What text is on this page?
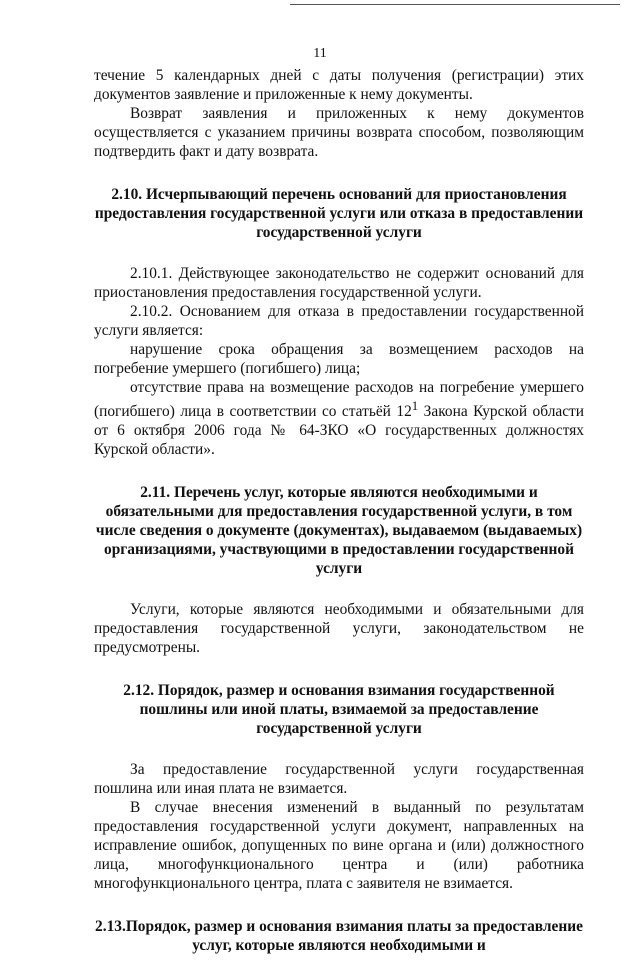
11

течение 5 календарных дней с даты получения (регистрации) этих документов заявление и приложенные к нему документы.

Возврат заявления и приложенных к нему документов осуществляется с указанием причины возврата способом, позволяющим подтвердить факт и дату возврата.

2.10. Исчерпывающий перечень оснований для приостановления предоставления государственной услуги или отказа в предоставлении государственной услуги

2.10.1. Действующее законодательство не содержит оснований для приостановления предоставления государственной услуги.

2.10.2. Основанием для отказа в предоставлении государственной услуги является:

нарушение срока обращения за возмещением расходов на погребение умершего (погибшего) лица;

отсутствие права на возмещение расходов на погребение умершего (погибшего) лица в соответствии со статьёй $12^1$ Закона Курской области от 6 октября 2006 года № 64-ЗКО «О государственных должностях Курской области».

2.11. Перечень услуг, которые являются необходимыми и обязательными для предоставления государственной услуги, в том числе сведения о документе (документах), выдаваемом (выдаваемых) организациями, участвующими в предоставлении государственной услуги

Услуги, которые являются необходимыми и обязательными для предоставления государственной услуги, законодательством не предусмотрены.

2.12. Порядок, размер и основания взимания государственной пошлины или иной платы, взимаемой за предоставление государственной услуги

За предоставление государственной услуги государственная пошлина или иная плата не взимается.

В случае внесения изменений в выданный по результатам предоставления государственной услуги документ, направленных на исправление ошибок, допущенных по вине органа и (или) должностного лица, многофункционального центра и (или) работника многофункционального центра, плата с заявителя не взимается.

2.13.Порядок, размер и основания взимания платы за предоставление услуг, которые являются необходимыми и
